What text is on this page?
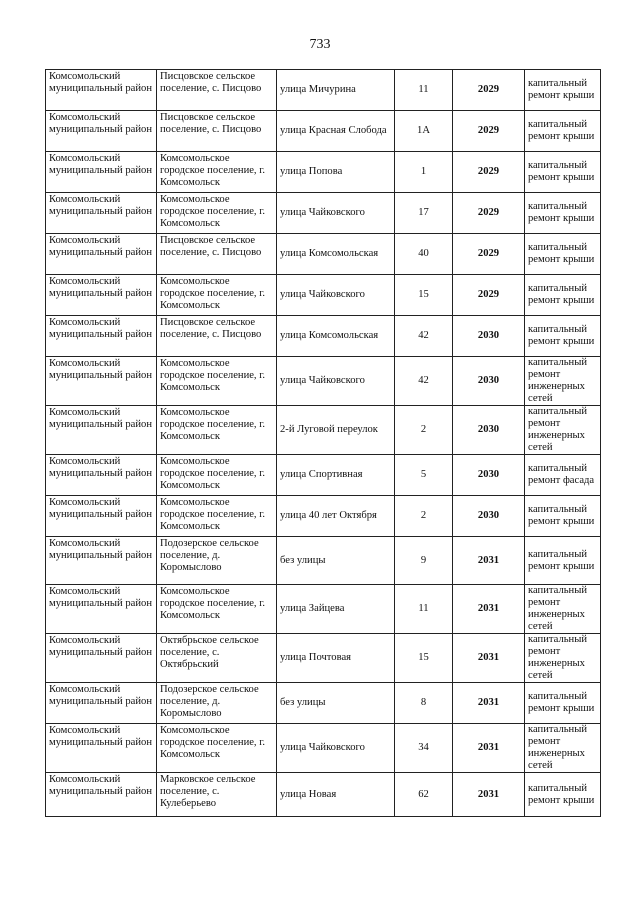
733
Комсомольский муниципальный район	Писцовское сельское поселение, с. Писцово	улица Мичурина	11	2029	капитальный ремонт крыши
Комсомольский муниципальный район	Писцовское сельское поселение, с. Писцово	улица Красная Слобода	1А	2029	капитальный ремонт крыши
Комсомольский муниципальный район	Комсомольское городское поселение, г. Комсомольск	улица Попова	1	2029	капитальный ремонт крыши
Комсомольский муниципальный район	Комсомольское городское поселение, г. Комсомольск	улица Чайковского	17	2029	капитальный ремонт крыши
Комсомольский муниципальный район	Писцовское сельское поселение, с. Писцово	улица Комсомольская	40	2029	капитальный ремонт крыши
Комсомольский муниципальный район	Комсомольское городское поселение, г. Комсомольск	улица Чайковского	15	2029	капитальный ремонт крыши
Комсомольский муниципальный район	Писцовское сельское поселение, с. Писцово	улица Комсомольская	42	2030	капитальный ремонт крыши
Комсомольский муниципальный район	Комсомольское городское поселение, г. Комсомольск	улица Чайковского	42	2030	капитальный ремонт инженерных сетей
Комсомольский муниципальный район	Комсомольское городское поселение, г. Комсомольск	2-й Луговой переулок	2	2030	капитальный ремонт инженерных сетей
Комсомольский муниципальный район	Комсомольское городское поселение, г. Комсомольск	улица Спортивная	5	2030	капитальный ремонт фасада
Комсомольский муниципальный район	Комсомольское городское поселение, г. Комсомольск	улица 40 лет Октября	2	2030	капитальный ремонт крыши
Комсомольский муниципальный район	Подозерское сельское поселение, д. Коромыслово	без улицы	9	2031	капитальный ремонт крыши
Комсомольский муниципальный район	Комсомольское городское поселение, г. Комсомольск	улица Зайцева	11	2031	капитальный ремонт инженерных сетей
Комсомольский муниципальный район	Октябрьское сельское поселение, с. Октябрьский	улица Почтовая	15	2031	капитальный ремонт инженерных сетей
Комсомольский муниципальный район	Подозерское сельское поселение, д. Коромыслово	без улицы	8	2031	капитальный ремонт крыши
Комсомольский муниципальный район	Комсомольское городское поселение, г. Комсомольск	улица Чайковского	34	2031	капитальный ремонт инженерных сетей
Комсомольский муниципальный район	Марковское сельское поселение, с. Кулеберьево	улица Новая	62	2031	капитальный ремонт крыши
